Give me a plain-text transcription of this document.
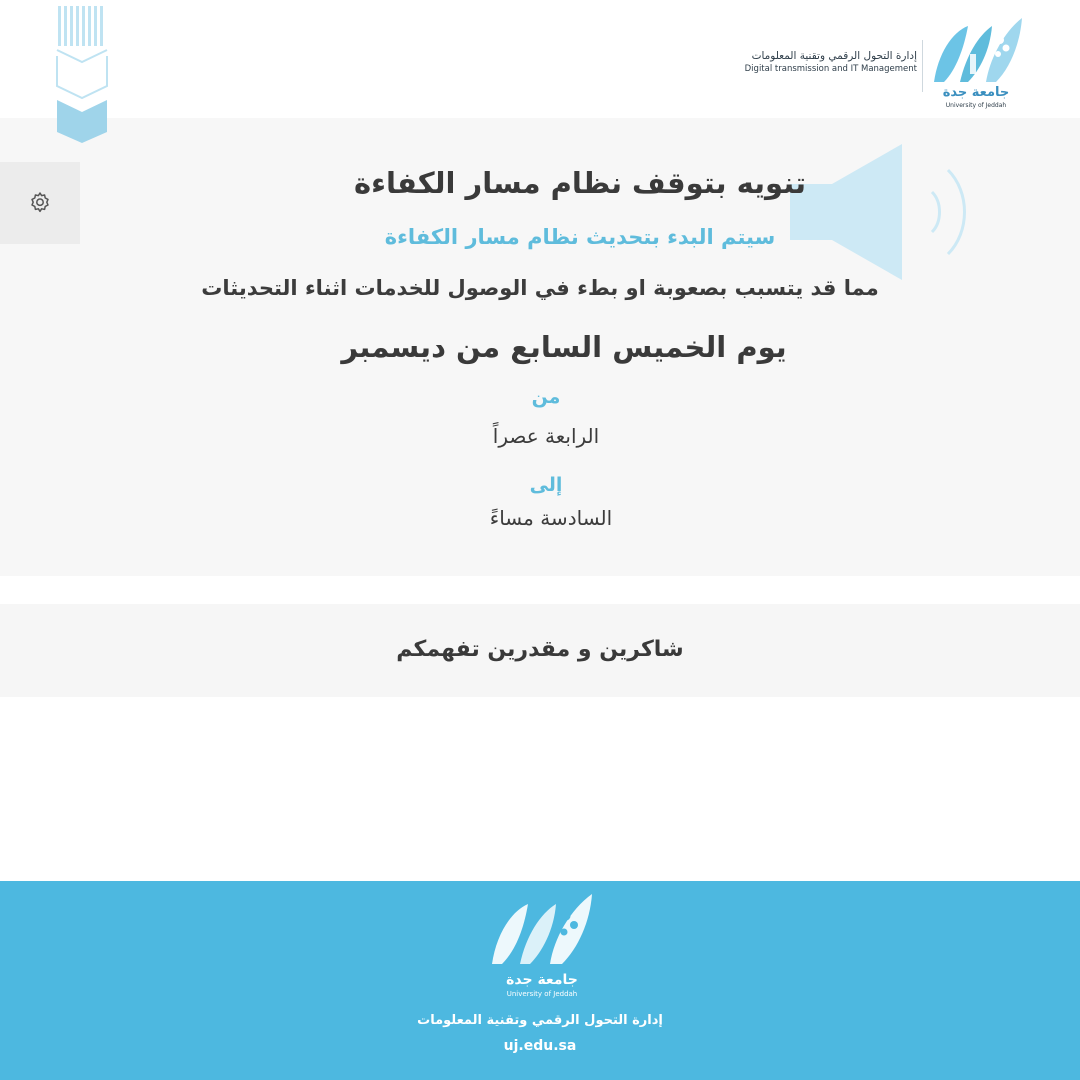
جامعة جدة
University of Jeddah
إدارة التحول الرقمي وتقنية المعلومات
Digital transmission and IT Management
تنويه بتوقف نظام مسار الكفاءة
سيتم البدء بتحديث نظام مسار الكفاءة
مما قد يتسبب بصعوبة او بطء في الوصول للخدمات اثناء التحديثات
يوم الخميس السابع من ديسمبر
من
الرابعة عصراً
إلى
السادسة مساءً
شاكرين و مقدرين تفهمكم
جامعة جدة
University of Jeddah
إدارة التحول الرقمي وتقنية المعلومات
uj.edu.sa
